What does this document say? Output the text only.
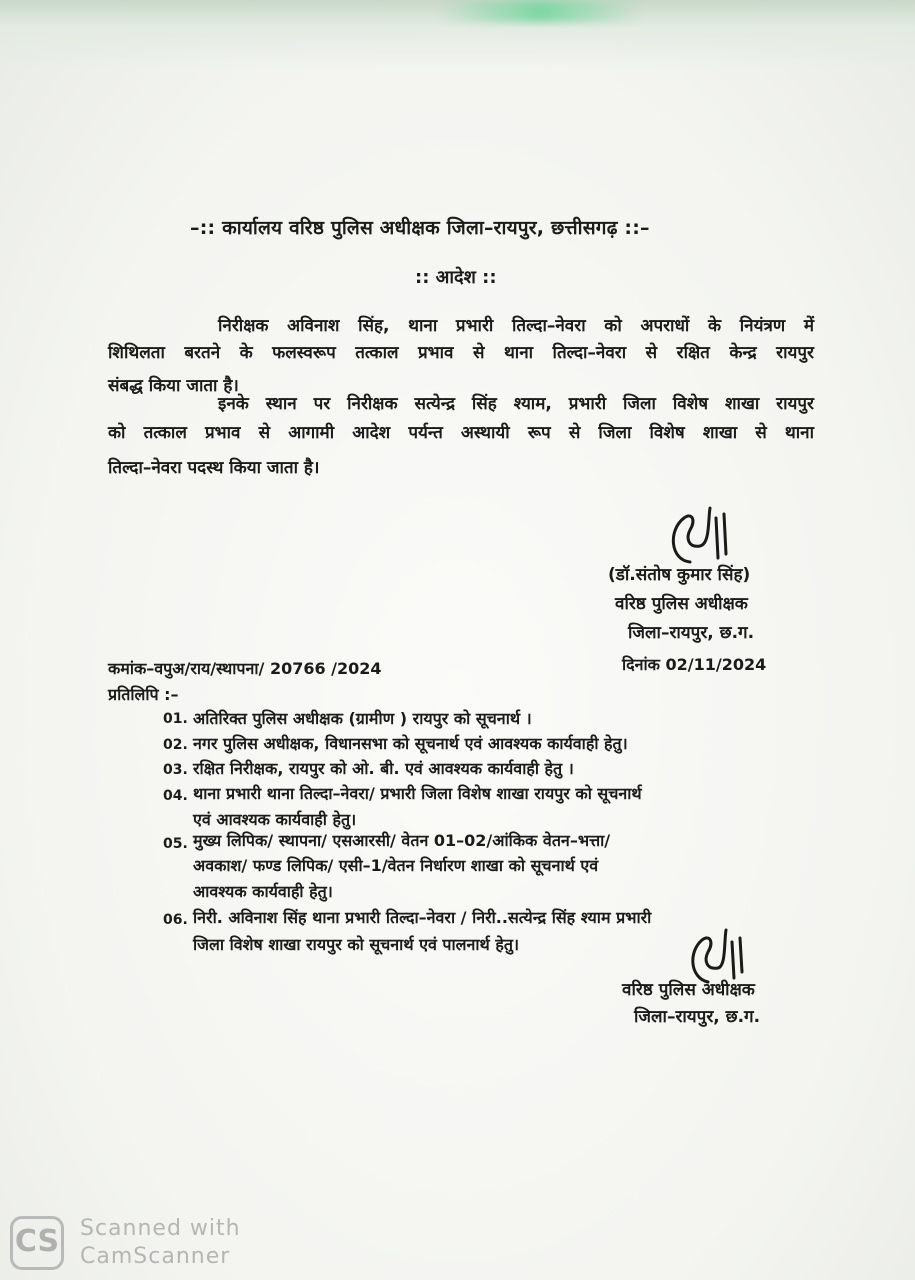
–:: कार्यालय वरिष्ठ पुलिस अधीक्षक जिला–रायपुर, छत्तीसगढ़ ::–
:: आदेश ::
निरीक्षक अविनाश सिंह, थाना प्रभारी तिल्दा–नेवरा को अपराधों के नियंत्रण में
शिथिलता बरतने के फलस्वरूप तत्काल प्रभाव से थाना तिल्दा–नेवरा से रक्षित केन्द्र रायपुर
संबद्ध किया जाता है।
इनके स्थान पर निरीक्षक सत्येन्द्र सिंह श्याम, प्रभारी जिला विशेष शाखा रायपुर
को तत्काल प्रभाव से आगामी आदेश पर्यन्त अस्थायी रूप से जिला विशेष शाखा से थाना
तिल्दा–नेवरा पदस्थ किया जाता है।
(डॉ.संतोष कुमार सिंह)
वरिष्ठ पुलिस अधीक्षक
जिला–रायपुर, छ.ग.
कमांक–वपुअ/राय/स्थापना/ 20766 /2024	दिनांक 02/11/2024
प्रतिलिपि :–
01. अतिरिक्त पुलिस अधीक्षक (ग्रामीण ) रायपुर को सूचनार्थ ।
02. नगर पुलिस अधीक्षक, विधानसभा को सूचनार्थ एवं आवश्यक कार्यवाही हेतु।
03. रक्षित निरीक्षक, रायपुर को ओ. बी. एवं आवश्यक कार्यवाही हेतु ।
04. थाना प्रभारी थाना तिल्दा–नेवरा/ प्रभारी जिला विशेष शाखा रायपुर को सूचनार्थ
एवं आवश्यक कार्यवाही हेतु।
05. मुख्य लिपिक/ स्थापना/ एसआरसी/ वेतन 01–02/आंकिक वेतन–भत्ता/
अवकाश/ फण्ड लिपिक/ एसी–1/वेतन निर्धारण शाखा को सूचनार्थ एवं
आवश्यक कार्यवाही हेतु।
06. निरी. अविनाश सिंह थाना प्रभारी तिल्दा–नेवरा / निरी..सत्येन्द्र सिंह श्याम प्रभारी
जिला विशेष शाखा रायपुर को सूचनार्थ एवं पालनार्थ हेतु।
वरिष्ठ पुलिस अधीक्षक
जिला–रायपुर, छ.ग.
CS Scanned with
CamScanner
